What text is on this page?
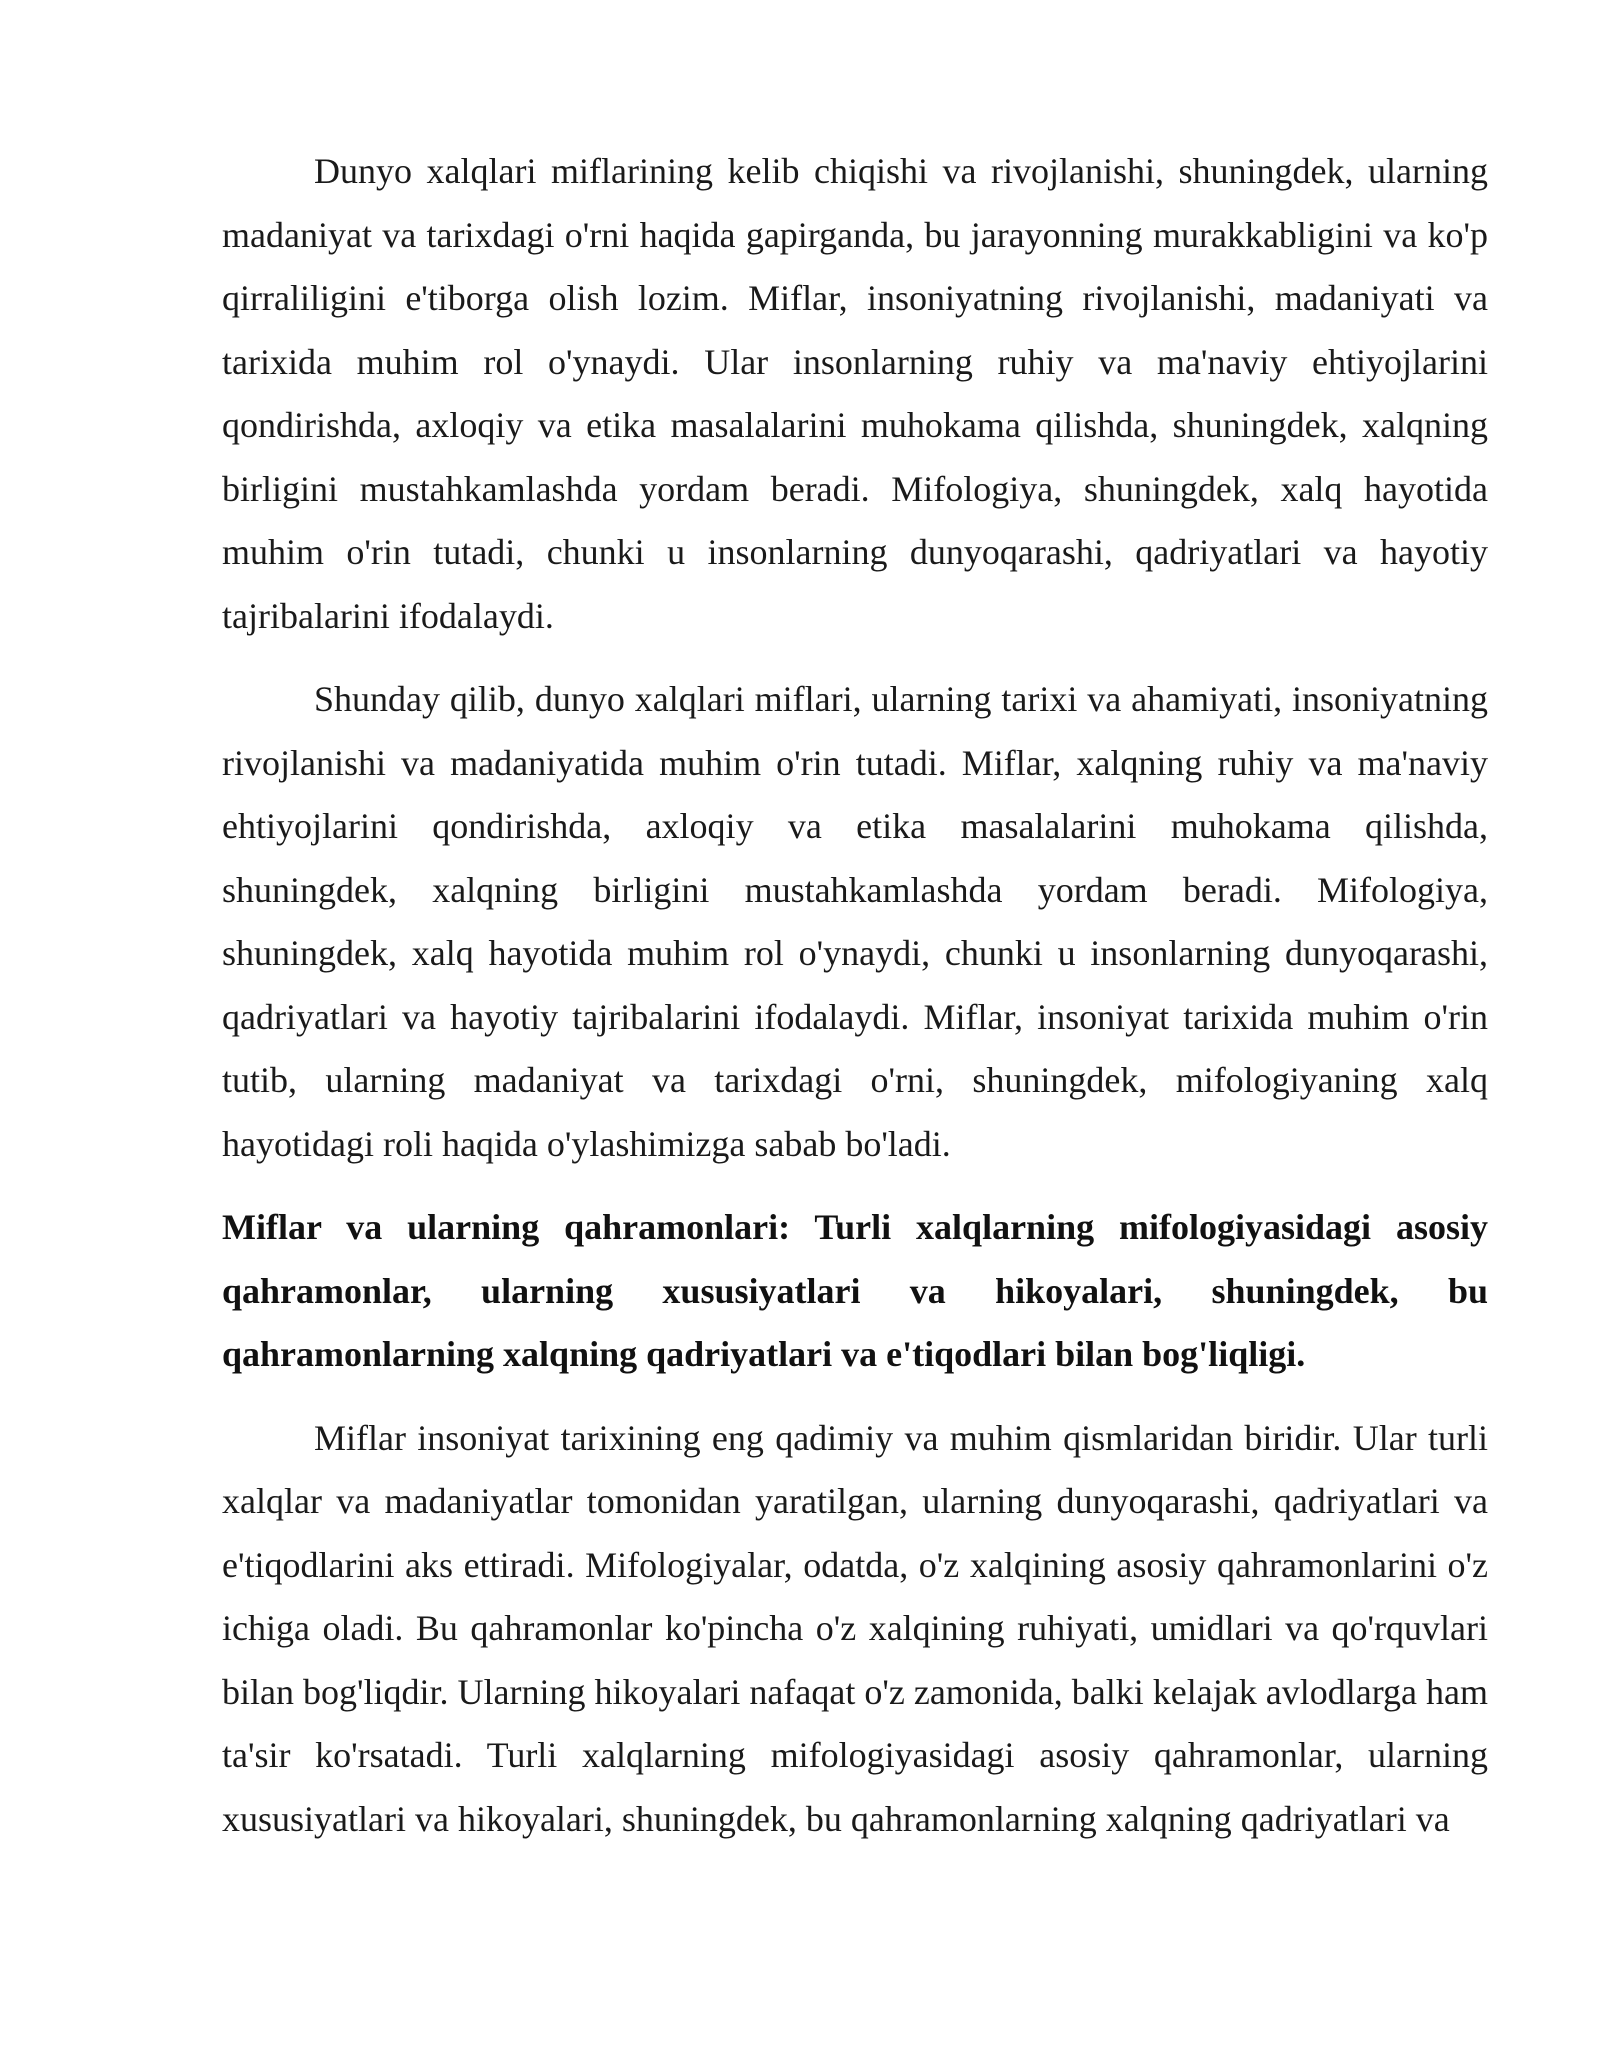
Dunyo xalqlari miflarining kelib chiqishi va rivojlanishi, shuningdek, ularning madaniyat va tarixdagi o'rni haqida gapirganda, bu jarayonning murakkabligini va ko'p qirraliligini e'tiborga olish lozim. Miflar, insoniyatning rivojlanishi, madaniyati va tarixida muhim rol o'ynaydi. Ular insonlarning ruhiy va ma'naviy ehtiyojlarini qondirishda, axloqiy va etika masalalarini muhokama qilishda, shuningdek, xalqning birligini mustahkamlashda yordam beradi. Mifologiya, shuningdek, xalq hayotida muhim o'rin tutadi, chunki u insonlarning dunyoqarashi, qadriyatlari va hayotiy tajribalarini ifodalaydi.

Shunday qilib, dunyo xalqlari miflari, ularning tarixi va ahamiyati, insoniyatning rivojlanishi va madaniyatida muhim o'rin tutadi. Miflar, xalqning ruhiy va ma'naviy ehtiyojlarini qondirishda, axloqiy va etika masalalarini muhokama qilishda, shuningdek, xalqning birligini mustahkamlashda yordam beradi. Mifologiya, shuningdek, xalq hayotida muhim rol o'ynaydi, chunki u insonlarning dunyoqarashi, qadriyatlari va hayotiy tajribalarini ifodalaydi. Miflar, insoniyat tarixida muhim o'rin tutib, ularning madaniyat va tarixdagi o'rni, shuningdek, mifologiyaning xalq hayotidagi roli haqida o'ylashimizga sabab bo'ladi.

Miflar va ularning qahramonlari: Turli xalqlarning mifologiyasidagi asosiy qahramonlar, ularning xususiyatlari va hikoyalari, shuningdek, bu qahramonlarning xalqning qadriyatlari va e'tiqodlari bilan bog'liqligi.

Miflar insoniyat tarixining eng qadimiy va muhim qismlaridan biridir. Ular turli xalqlar va madaniyatlar tomonidan yaratilgan, ularning dunyoqarashi, qadriyatlari va e'tiqodlarini aks ettiradi. Mifologiyalar, odatda, o'z xalqining asosiy qahramonlarini o'z ichiga oladi. Bu qahramonlar ko'pincha o'z xalqining ruhiyati, umidlari va qo'rquvlari bilan bog'liqdir. Ularning hikoyalari nafaqat o'z zamonida, balki kelajak avlodlarga ham ta'sir ko'rsatadi. Turli xalqlarning mifologiyasidagi asosiy qahramonlar, ularning xususiyatlari va hikoyalari, shuningdek, bu qahramonlarning xalqning qadriyatlari va
